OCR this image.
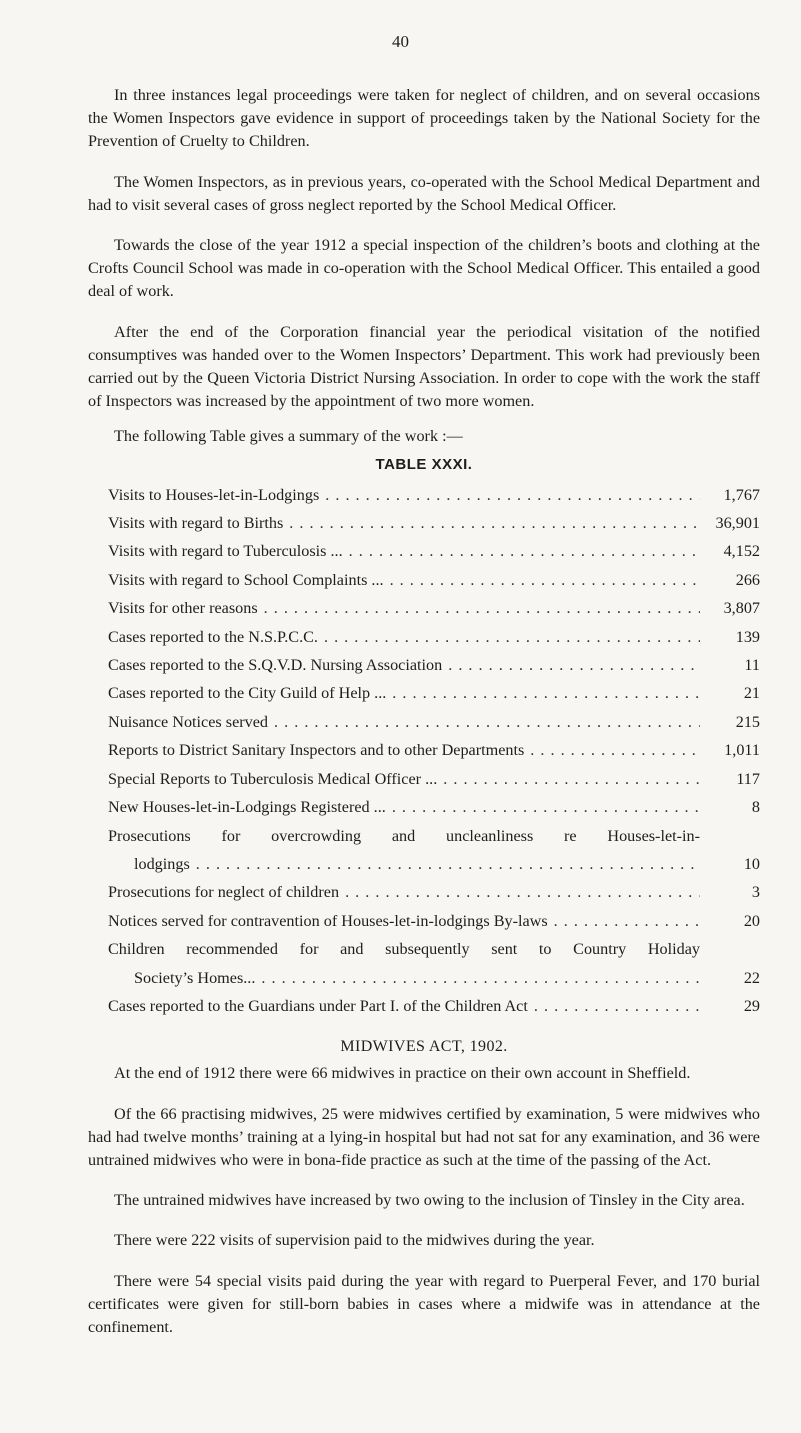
40

In three instances legal proceedings were taken for neglect of children, and on several occasions the Women Inspectors gave evidence in support of proceedings taken by the National Society for the Prevention of Cruelty to Children.

The Women Inspectors, as in previous years, co-operated with the School Medical Department and had to visit several cases of gross neglect reported by the School Medical Officer.

Towards the close of the year 1912 a special inspection of the children’s boots and clothing at the Crofts Council School was made in co-operation with the School Medical Officer. This entailed a good deal of work.

After the end of the Corporation financial year the periodical visitation of the notified consumptives was handed over to the Women Inspectors’ Department. This work had previously been carried out by the Queen Victoria District Nursing Association. In order to cope with the work the staff of Inspectors was increased by the appointment of two more women.

The following Table gives a summary of the work :—

TABLE XXXI.
Visits to Houses-let-in-Lodgings . . .	1,767
Visits with regard to Births . . .	36,901
Visits with regard to Tuberculosis ... . . .	4,152
Visits with regard to School Complaints ... . . .	266
Visits for other reasons . . .	3,807
Cases reported to the N.S.P.C.C. . . .	139
Cases reported to the S.Q.V.D. Nursing Association . . .	11
Cases reported to the City Guild of Help ... . . .	21
Nuisance Notices served . . .	215
Reports to District Sanitary Inspectors and to other Departments . . .	1,011
Special Reports to Tuberculosis Medical Officer ... . . .	117
New Houses-let-in-Lodgings Registered ... . . .	8
Prosecutions for overcrowding and uncleanliness re Houses-let-in-
lodgings . . .	10
Prosecutions for neglect of children . . .	3
Notices served for contravention of Houses-let-in-lodgings By-laws . . .	20
Children recommended for and subsequently sent to Country Holiday
Society’s Homes... . . .	22
Cases reported to the Guardians under Part I. of the Children Act . . .	29
MIDWIVES ACT, 1902.

At the end of 1912 there were 66 midwives in practice on their own account in Sheffield.

Of the 66 practising midwives, 25 were midwives certified by examination, 5 were midwives who had had twelve months’ training at a lying-in hospital but had not sat for any examination, and 36 were untrained midwives who were in bona-fide practice as such at the time of the passing of the Act.

The untrained midwives have increased by two owing to the inclusion of Tinsley in the City area.

There were 222 visits of supervision paid to the midwives during the year.

There were 54 special visits paid during the year with regard to Puerperal Fever, and 170 burial certificates were given for still-born babies in cases where a midwife was in attendance at the confinement.
